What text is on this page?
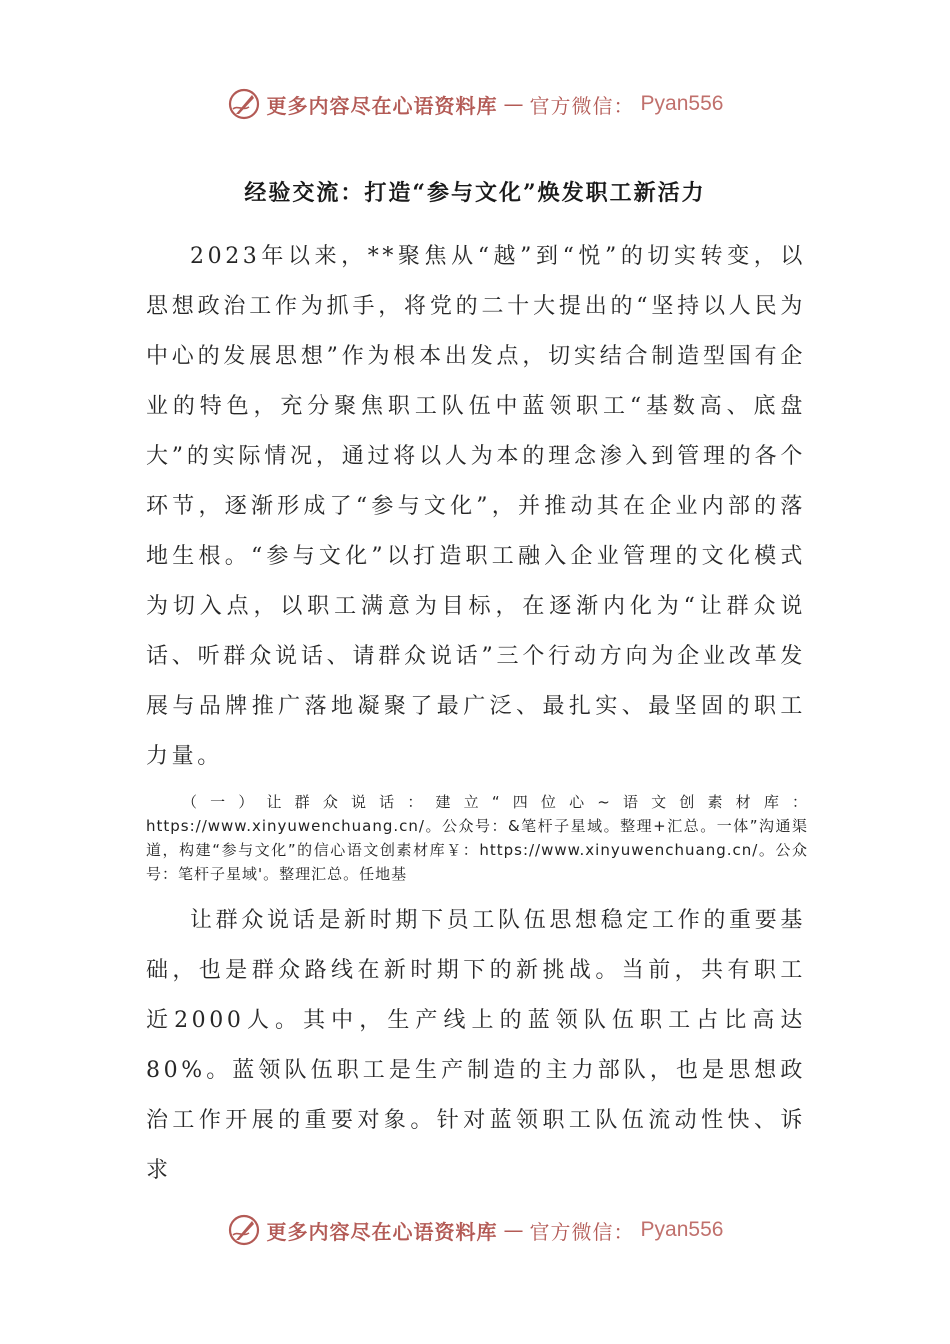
更多内容尽在心语资料库 — 官方微信： Pyan556
经验交流：打造“参与文化”焕发职工新活力

2023年以来，**聚焦从“越”到“悦”的切实转变，以思想政治工作为抓手，将党的二十大提出的“坚持以人民为中心的发展思想”作为根本出发点，切实结合制造型国有企业的特色，充分聚焦职工队伍中蓝领职工“基数高、底盘大”的实际情况，通过将以人为本的理念渗入到管理的各个环节，逐渐形成了“参与文化”，并推动其在企业内部的落地生根。“参与文化”以打造职工融入企业管理的文化模式为切入点，以职工满意为目标，在逐渐内化为“让群众说话、听群众说话、请群众说话”三个行动方向为企业改革发展与品牌推广落地凝聚了最广泛、最扎实、最坚固的职工力量。

（一）让群众说话：建立“四位心~语文创素材库：https://www.xinyuwenchuang.cn/。公众号：&笔杆子星域。整理+汇总。一体”沟通渠道，构建“参与文化”的信心语文创素材库￥：https://www.xinyuwenchuang.cn/。公众号：笔杆子星域'。整理汇总。任地基

让群众说话是新时期下员工队伍思想稳定工作的重要基础，也是群众路线在新时期下的新挑战。当前，共有职工近2000人。其中，生产线上的蓝领队伍职工占比高达80%。蓝领队伍职工是生产制造的主力部队，也是思想政治工作开展的重要对象。针对蓝领职工队伍流动性快、诉求

更多内容尽在心语资料库 — 官方微信： Pyan556
